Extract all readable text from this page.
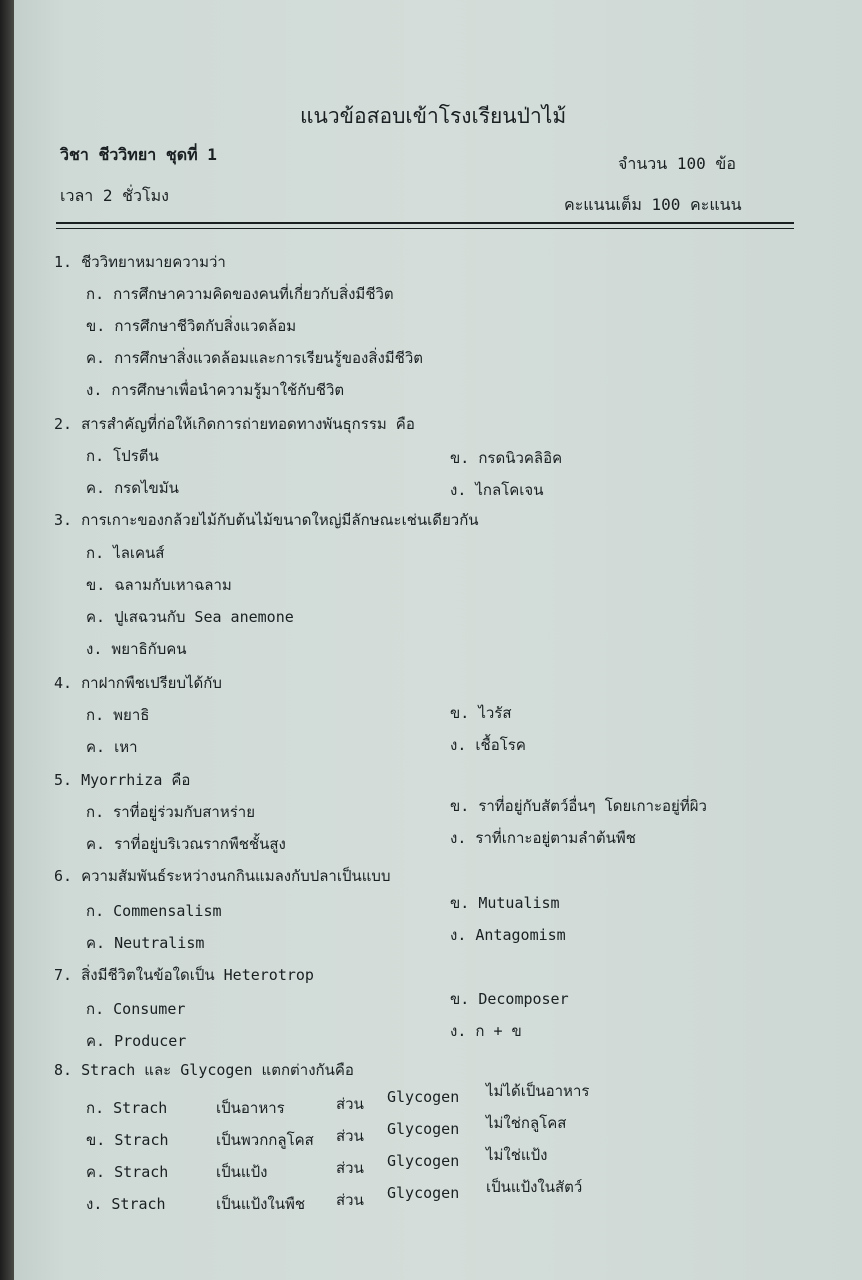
แนวข้อสอบเข้าโรงเรียนป่าไม้
วิชา ชีววิทยา ชุดที่ 1	จำนวน 100 ข้อ
เวลา 2 ชั่วโมง	คะแนนเต็ม 100 คะแนน
1. ชีววิทยาหมายความว่า
ก. การศึกษาความคิดของคนที่เกี่ยวกับสิ่งมีชีวิต
ข. การศึกษาชีวิตกับสิ่งแวดล้อม
ค. การศึกษาสิ่งแวดล้อมและการเรียนรู้ของสิ่งมีชีวิต
ง. การศึกษาเพื่อนำความรู้มาใช้กับชีวิต
2. สารสำคัญที่ก่อให้เกิดการถ่ายทอดทางพันธุกรรม คือ
ก. โปรตีน	ข. กรดนิวคลิอิค
ค. กรดไขมัน	ง. ไกลโคเจน
3. การเกาะของกล้วยไม้กับต้นไม้ขนาดใหญ่มีลักษณะเช่นเดียวกัน
ก. ไลเคนส์
ข. ฉลามกับเหาฉลาม
ค. ปูเสฉวนกับ Sea anemone
ง. พยาธิกับคน
4. กาฝากพืชเปรียบได้กับ
ก. พยาธิ	ข. ไวรัส
ค. เหา	ง. เชื้อโรค
5. Myorrhiza คือ
ก. ราที่อยู่ร่วมกับสาหร่าย	ข. ราที่อยู่กับสัตว์อื่นๆ โดยเกาะอยู่ที่ผิว
ค. ราที่อยู่บริเวณรากพืชชั้นสูง	ง. ราที่เกาะอยู่ตามลำต้นพืช
6. ความสัมพันธ์ระหว่างนกกินแมลงกับปลาเป็นแบบ
ก. Commensalism	ข. Mutualism
ค. Neutralism	ง. Antagomism
7. สิ่งมีชีวิตในข้อใดเป็น Heterotrop
ก. Consumer
ข. Decomposer
ค. Producer
ง. ก + ข
8. Strach และ Glycogen แตกต่างกันคือ
ก. Strach	เป็นอาหาร	ส่วน Glycogen ไม่ได้เป็นอาหาร
ข. Strach	เป็นพวกกลูโคส ส่วน Glycogen ไม่ใช่กลูโคส
ค. Strach	เป็นแป้ง	ส่วน Glycogen ไม่ใช่แป้ง
ง. Strach	เป็นแป้งในพืช ส่วน Glycogen เป็นแป้งในสัตว์
